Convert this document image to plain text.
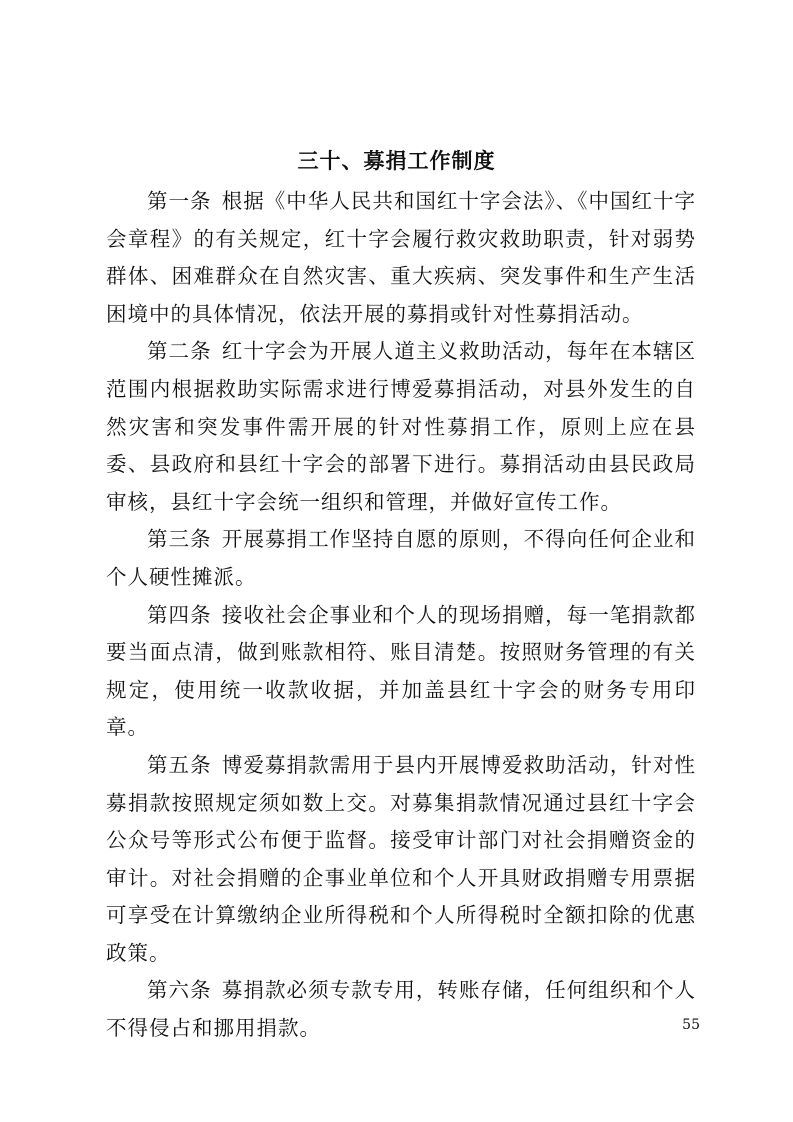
三十、募捐工作制度

第一条 根据《中华人民共和国红十字会法》、《中国红十字会章程》的有关规定，红十字会履行救灾救助职责，针对弱势群体、困难群众在自然灾害、重大疾病、突发事件和生产生活困境中的具体情况，依法开展的募捐或针对性募捐活动。

第二条 红十字会为开展人道主义救助活动，每年在本辖区范围内根据救助实际需求进行博爱募捐活动，对县外发生的自然灾害和突发事件需开展的针对性募捐工作，原则上应在县委、县政府和县红十字会的部署下进行。募捐活动由县民政局审核，县红十字会统一组织和管理，并做好宣传工作。

第三条 开展募捐工作坚持自愿的原则，不得向任何企业和个人硬性摊派。

第四条 接收社会企事业和个人的现场捐赠，每一笔捐款都要当面点清，做到账款相符、账目清楚。按照财务管理的有关规定，使用统一收款收据，并加盖县红十字会的财务专用印章。

第五条 博爱募捐款需用于县内开展博爱救助活动，针对性募捐款按照规定须如数上交。对募集捐款情况通过县红十字会公众号等形式公布便于监督。接受审计部门对社会捐赠资金的审计。对社会捐赠的企事业单位和个人开具财政捐赠专用票据可享受在计算缴纳企业所得税和个人所得税时全额扣除的优惠政策。

第六条 募捐款必须专款专用，转账存储，任何组织和个人不得侵占和挪用捐款。	55
